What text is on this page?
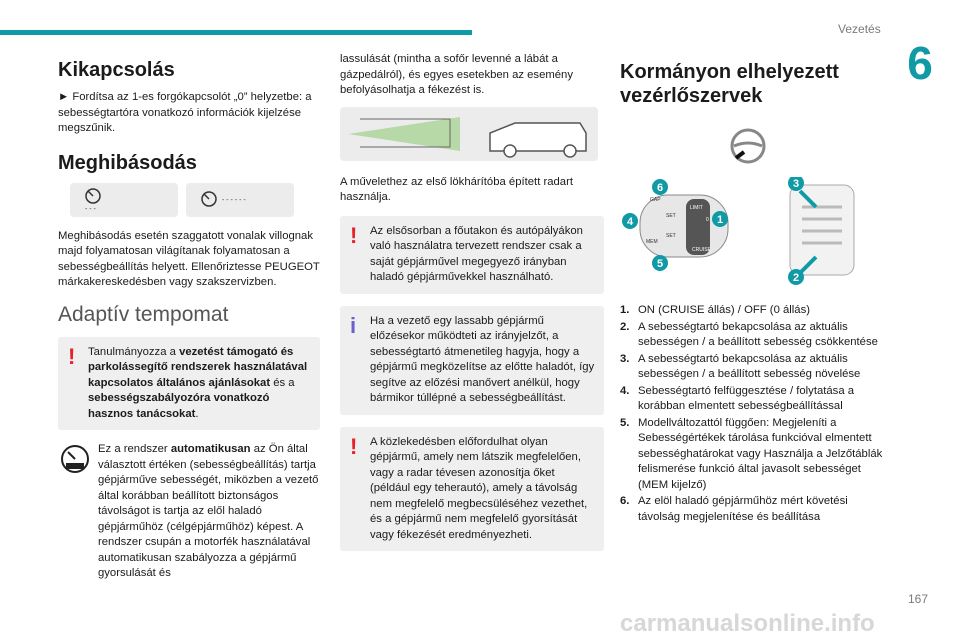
Vezetés
6
Kikapcsolás

► Fordítsa az 1-es forgókapcsolót „0” helyzetbe: a sebességtartóra vonatkozó információk kijelzése megszűnik.

Meghibásodás
- - -
- - - - - -

Meghibásodás esetén szaggatott vonalak villognak majd folyamatosan világítanak folyamatosan a sebességbeállítás helyett. Ellenőriztesse PEUGEOT márkakereskedésben vagy szakszervizben.

Adaptív tempomat
!	Tanulmányozza a vezetést támogató és parkolássegítő rendszerek használatával kapcsolatos általános ajánlásokat és a sebességszabályozóra vonatkozó hasznos tanácsokat.

Ez a rendszer automatikusan az Ön által választott értéken (sebességbeállítás) tartja gépjárműve sebességét, miközben a vezető által korábban beállított biztonságos távolságot is tartja az elől haladó gépjárműhöz (célgépjárműhöz) képest. A rendszer csupán a motorfék használatával automatikusan szabályozza a gépjármű gyorsulását és

lassulását (mintha a sofőr levenné a lábát a gázpedálról), és egyes esetekben az esemény befolyásolhatja a fékezést is.

A művelethez az első lökhárítóba épített radart használja.

!	Az elsősorban a főutakon és autópályákon való használatra tervezett rendszer csak a saját gépjárművel megegyező irányban haladó gépjárművekkel használható.

i	Ha a vezető egy lassabb gépjármű előzésekor működteti az irányjelzőt, a sebességtartó átmenetileg hagyja, hogy a gépjármű megközelítse az előtte haladót, így segítve az előzési manővert anélkül, hogy bármikor túllépné a sebességbeállítást.

!	A közlekedésben előfordulhat olyan gépjármű, amely nem látszik megfelelően, vagy a radar tévesen azonosítja őket (például egy teherautó), amely a távolság nem megfelelő megbecsüléséhez vezethet, és a gépjármű nem megfelelő gyorsítását vagy fékezését eredményezheti.

Kormányon elhelyezett vezérlőszervek
GAP
LIMIT
SET
SET
CRUISE
MEM
0
6
4
5
1
3
2
1. ON (CRUISE állás) / OFF (0 állás)
2. A sebességtartó bekapcsolása az aktuális sebességen / a beállított sebesség csökkentése
3. A sebességtartó bekapcsolása az aktuális sebességen / a beállított sebesség növelése
4. Sebességtartó felfüggesztése / folytatása a korábban elmentett sebességbeállítással
5. Modellváltozattól függően: Megjeleníti a Sebességértékek tárolása funkcióval elmentett sebességhatárokat vagy Használja a Jelzőtáblák felismerése funkció által javasolt sebességet (MEM kijelző)
6. Az elöl haladó gépjárműhöz mért követési távolság megjelenítése és beállítása
167
carmanualsonline.info
